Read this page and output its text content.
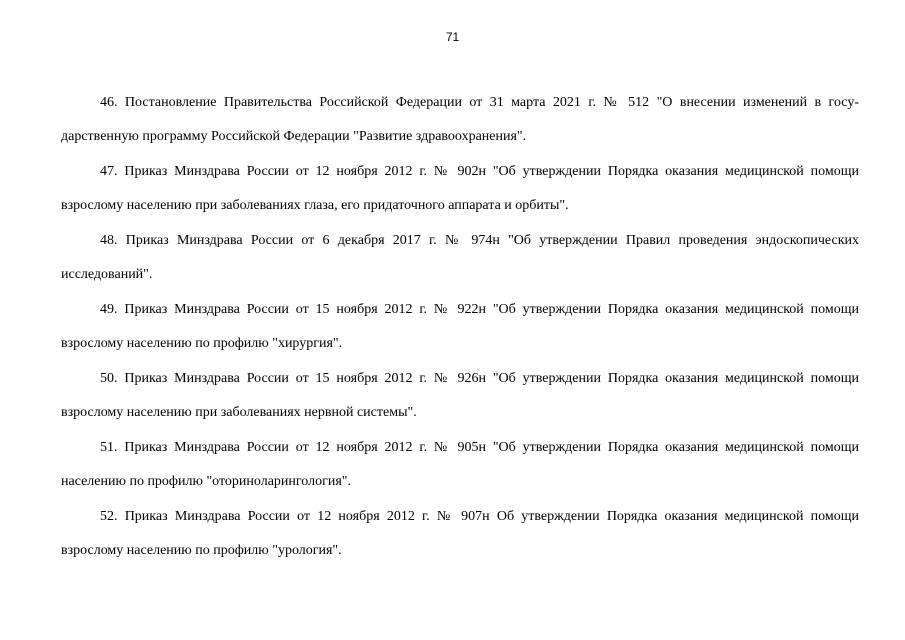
71
46. Постановление Правительства Российской Федерации от 31 марта 2021 г. № 512 "О внесении изменений в госу-
дарственную программу Российской Федерации "Развитие здравоохранения".
47. Приказ Минздрава России от 12 ноября 2012 г. № 902н "Об утверждении Порядка оказания медицинской помощи
взрослому населению при заболеваниях глаза, его придаточного аппарата и орбиты".
48. Приказ Минздрава России от 6 декабря 2017 г. № 974н "Об утверждении Правил проведения эндоскопических
исследований".
49. Приказ Минздрава России от 15 ноября 2012 г. № 922н "Об утверждении Порядка оказания медицинской помощи
взрослому населению по профилю "хирургия".
50. Приказ Минздрава России от 15 ноября 2012 г. № 926н "Об утверждении Порядка оказания медицинской помощи
взрослому населению при заболеваниях нервной системы".
51. Приказ Минздрава России от 12 ноября 2012 г. № 905н "Об утверждении Порядка оказания медицинской помощи
населению по профилю "оториноларингология".
52. Приказ Минздрава России от 12 ноября 2012 г. № 907н Об утверждении Порядка оказания медицинской помощи
взрослому населению по профилю "урология".
